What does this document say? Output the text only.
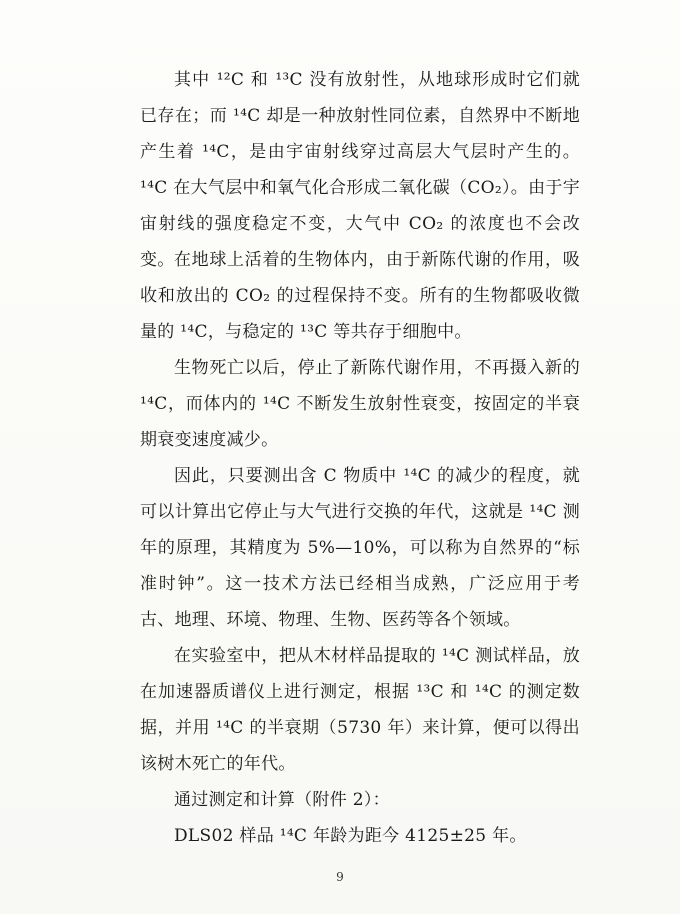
其中 ¹²C 和 ¹³C 没有放射性，从地球形成时它们就已存在；而 ¹⁴C 却是一种放射性同位素，自然界中不断地产生着 ¹⁴C，是由宇宙射线穿过高层大气层时产生的。¹⁴C 在大气层中和氧气化合形成二氧化碳（CO₂）。由于宇宙射线的强度稳定不变，大气中 CO₂ 的浓度也不会改变。 在地球上活着的生物体内，由于新陈代谢的作用，吸收和放出的 CO₂ 的过程保持不变。所有的生物都吸收微量的 ¹⁴C，与稳定的 ¹³C 等共存于细胞中。

生物死亡以后，停止了新陈代谢作用，不再摄入新的 ¹⁴C，而体内的 ¹⁴C 不断发生放射性衰变，按固定的半衰期衰变速度减少。

因此，只要测出含 C 物质中 ¹⁴C 的减少的程度，就可以计算出它停止与大气进行交换的年代，这就是 ¹⁴C 测年的原理，其精度为 5%—10%，可以称为自然界的“标准时钟”。这一技术方法已经相当成熟，广泛应用于考古、地理、环境、物理、生物、医药等各个领域。

在实验室中，把从木材样品提取的 ¹⁴C 测试样品，放在加速器质谱仪上进行测定，根据 ¹³C 和 ¹⁴C 的测定数据，并用 ¹⁴C 的半衰期（5730 年）来计算，便可以得出该树木死亡的年代。

通过测定和计算（附件 2）：

DLS02 样品 ¹⁴C 年龄为距今 4125±25 年。

9
